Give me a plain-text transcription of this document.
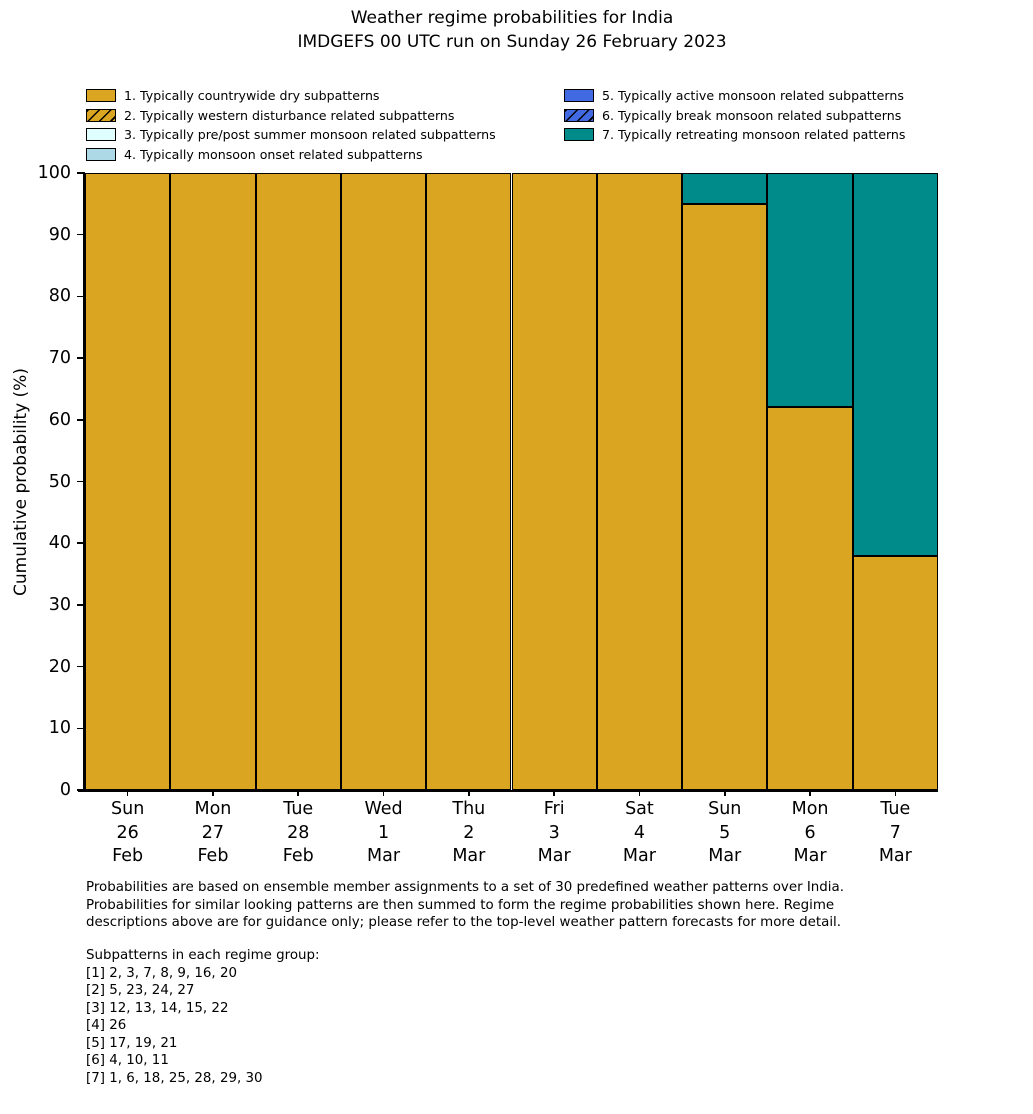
Weather regime probabilities for India
IMDGEFS 00 UTC run on Sunday 26 February 2023
1. Typically countrywide dry subpatterns
2. Typically western disturbance related subpatterns
3. Typically pre/post summer monsoon related subpatterns
4. Typically monsoon onset related subpatterns
5. Typically active monsoon related subpatterns
6. Typically break monsoon related subpatterns
7. Typically retreating monsoon related patterns
Cumulative probability (%)
Sun
26
Feb
Mon
27
Feb
Tue
28
Feb
Wed
1
Mar
Thu
2
Mar
Fri
3
Mar
Sat
4
Mar
Sun
5
Mar
Mon
6
Mar
Tue
7
Mar
0
10
20
30
40
50
60
70
80
90
100
Probabilities are based on ensemble member assignments to a set of 30 predefined weather patterns over India.
Probabilities for similar looking patterns are then summed to form the regime probabilities shown here. Regime
descriptions above are for guidance only; please refer to the top-level weather pattern forecasts for more detail.
Subpatterns in each regime group:
[1] 2, 3, 7, 8, 9, 16, 20
[2] 5, 23, 24, 27
[3] 12, 13, 14, 15, 22
[4] 26
[5] 17, 19, 21
[6] 4, 10, 11
[7] 1, 6, 18, 25, 28, 29, 30
